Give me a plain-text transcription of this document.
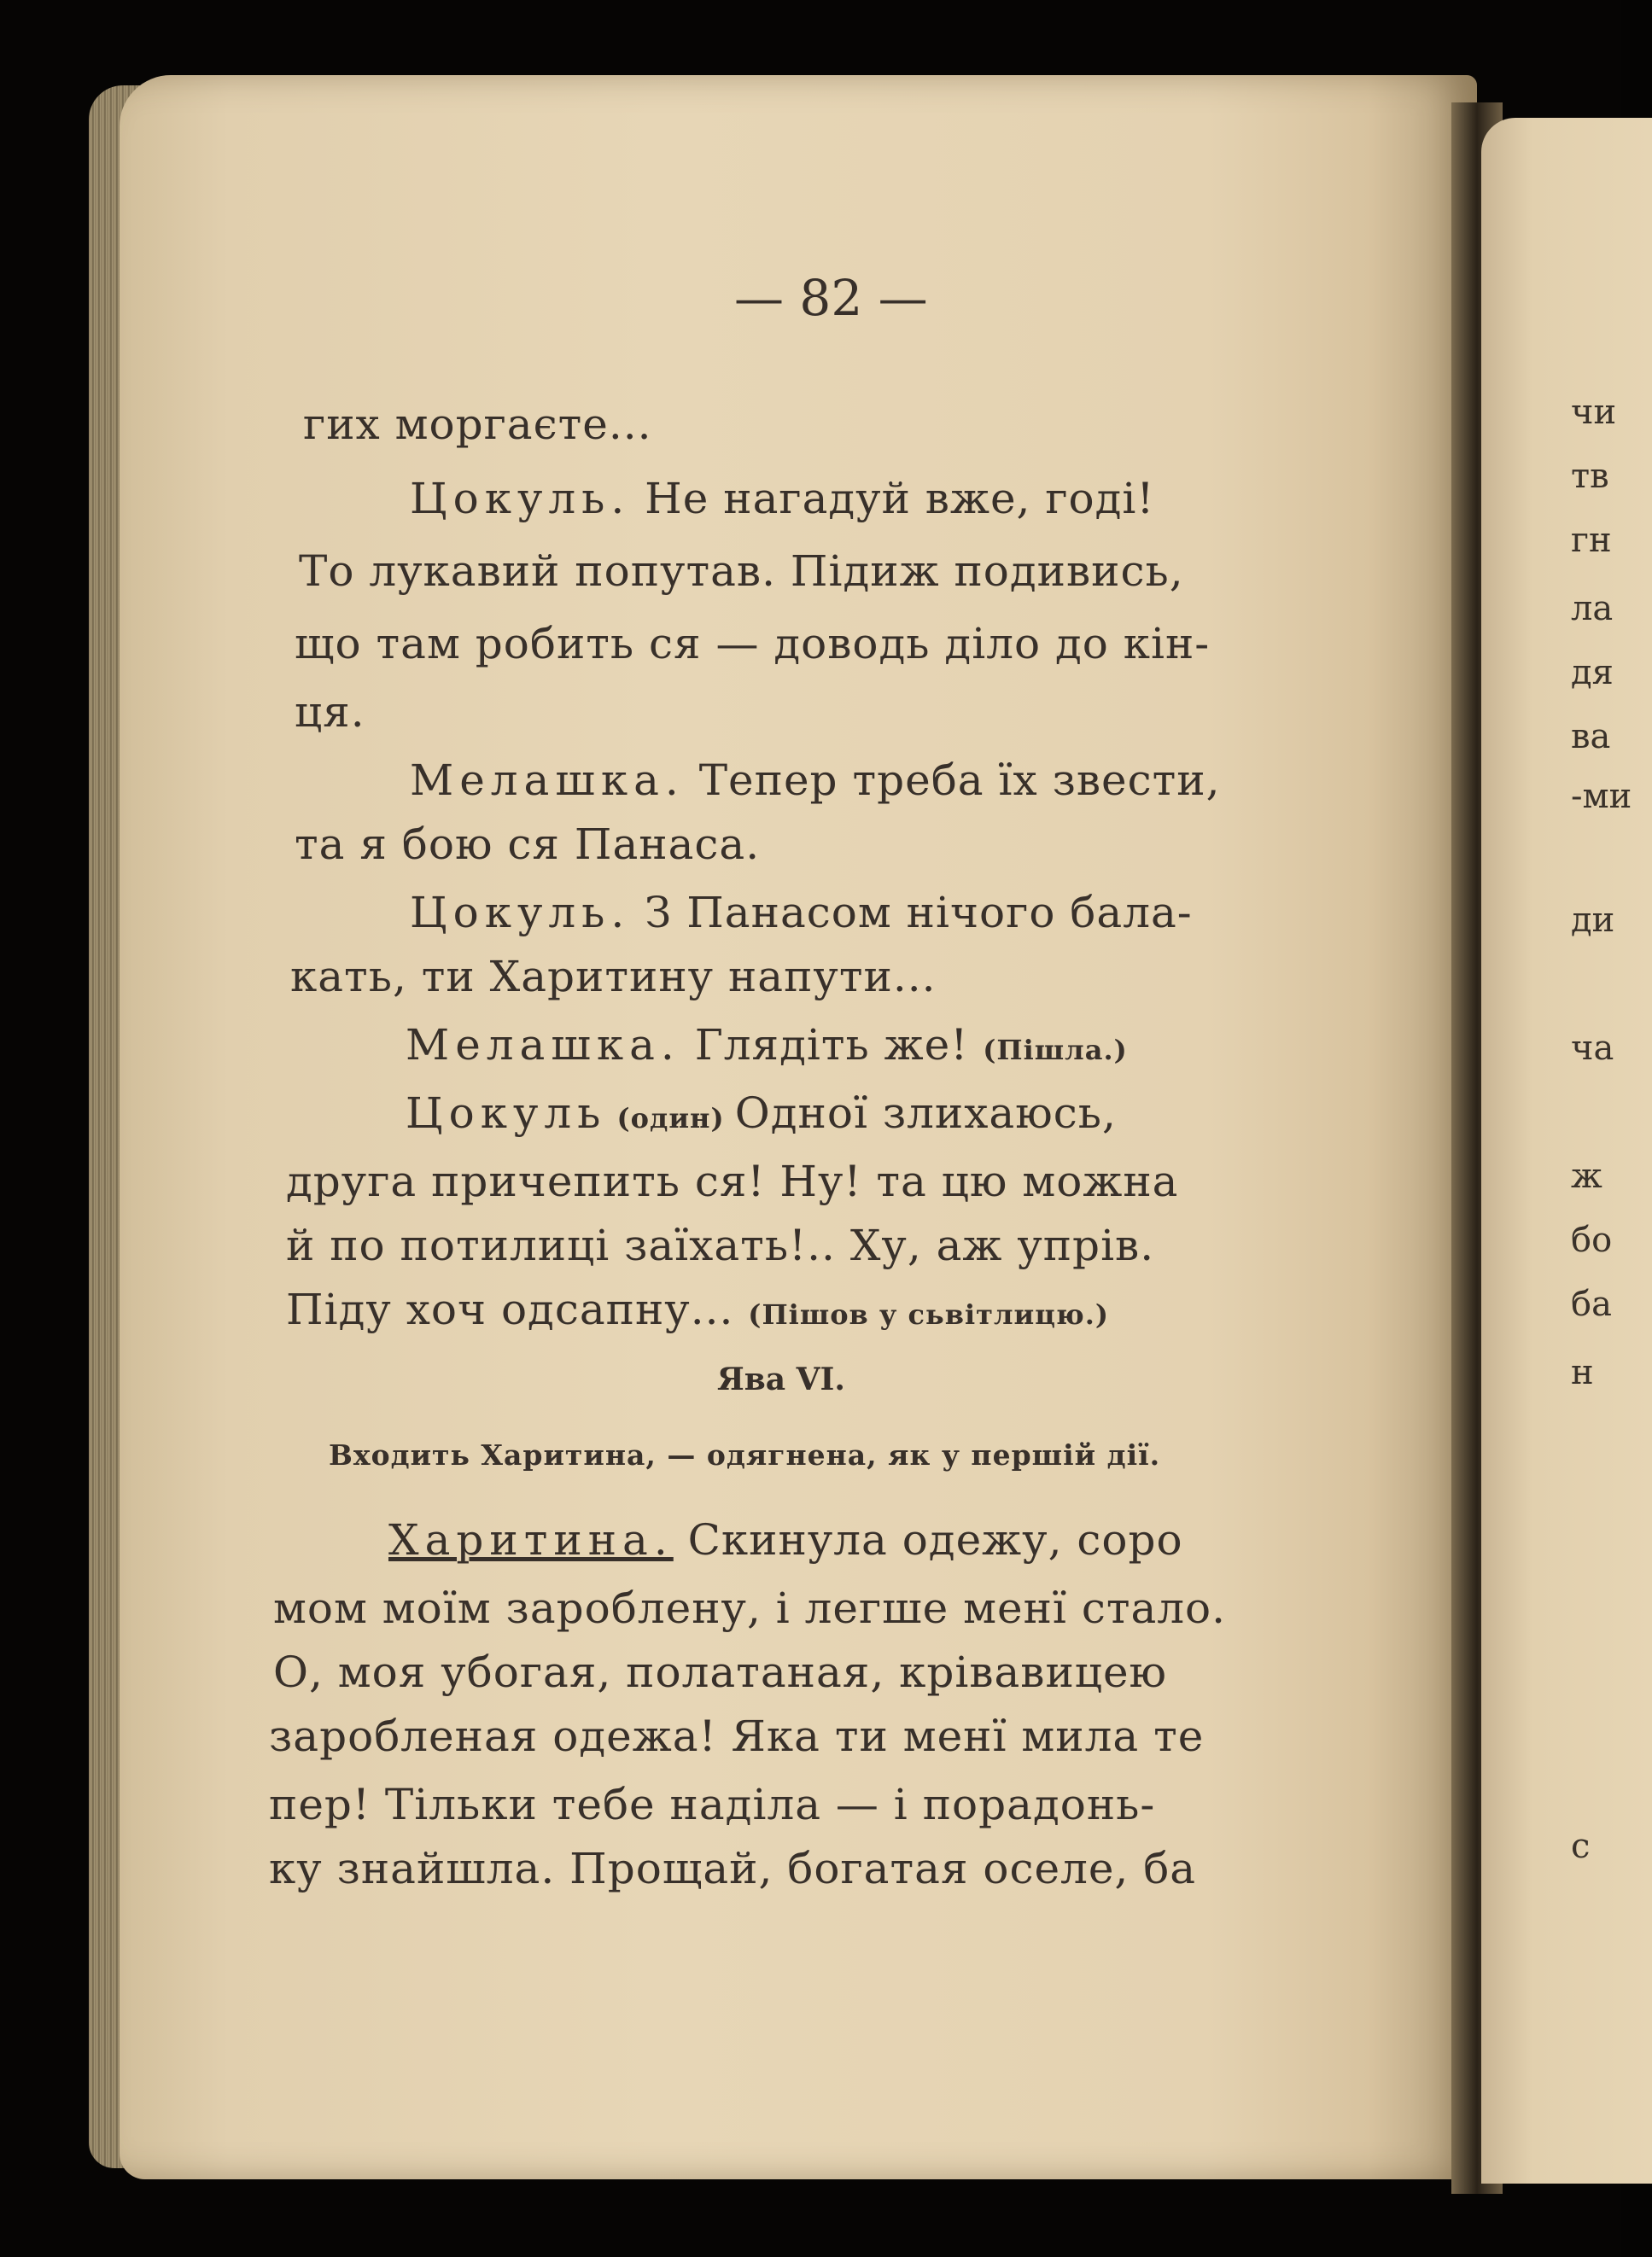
— 82 —
гих моргаєте...
Цокуль. Не нагадуй вже, годі!
То лукавий попутав. Підиж подивись,
що там робить ся — доводь діло до кін-
ця.
Мелашка. Тепер треба їх звести,
та я бою ся Панаса.
Цокуль. З Панасом нічого бала-
кать, ти Харитину напути...
Мелашка. Глядіть же! (Пішла.)
Цокуль (один) Одної злихаюсь,
друга причепить ся! Ну! та цю можна
й по потилиці заїхать!.. Ху, аж упрів.
Піду хоч одсапну... (Пішов у сьвітлицю.)
Ява VI.
Входить Харитина, — одягнена, як у першій дії.
Харитина. Скинула одежу, соро
мом моїм зароблену, і легше менї стало.
О, моя убогая, полатаная, крівавицею
заробленая одежа! Яка ти менї мила те
пер! Тільки тебе наділа — і порадонь-
ку знайшла. Прощай, богатая оселе, ба
чи
тв
гн
ла
дя
ва
-ми
ди
ча
ж
бо
ба
н
с
